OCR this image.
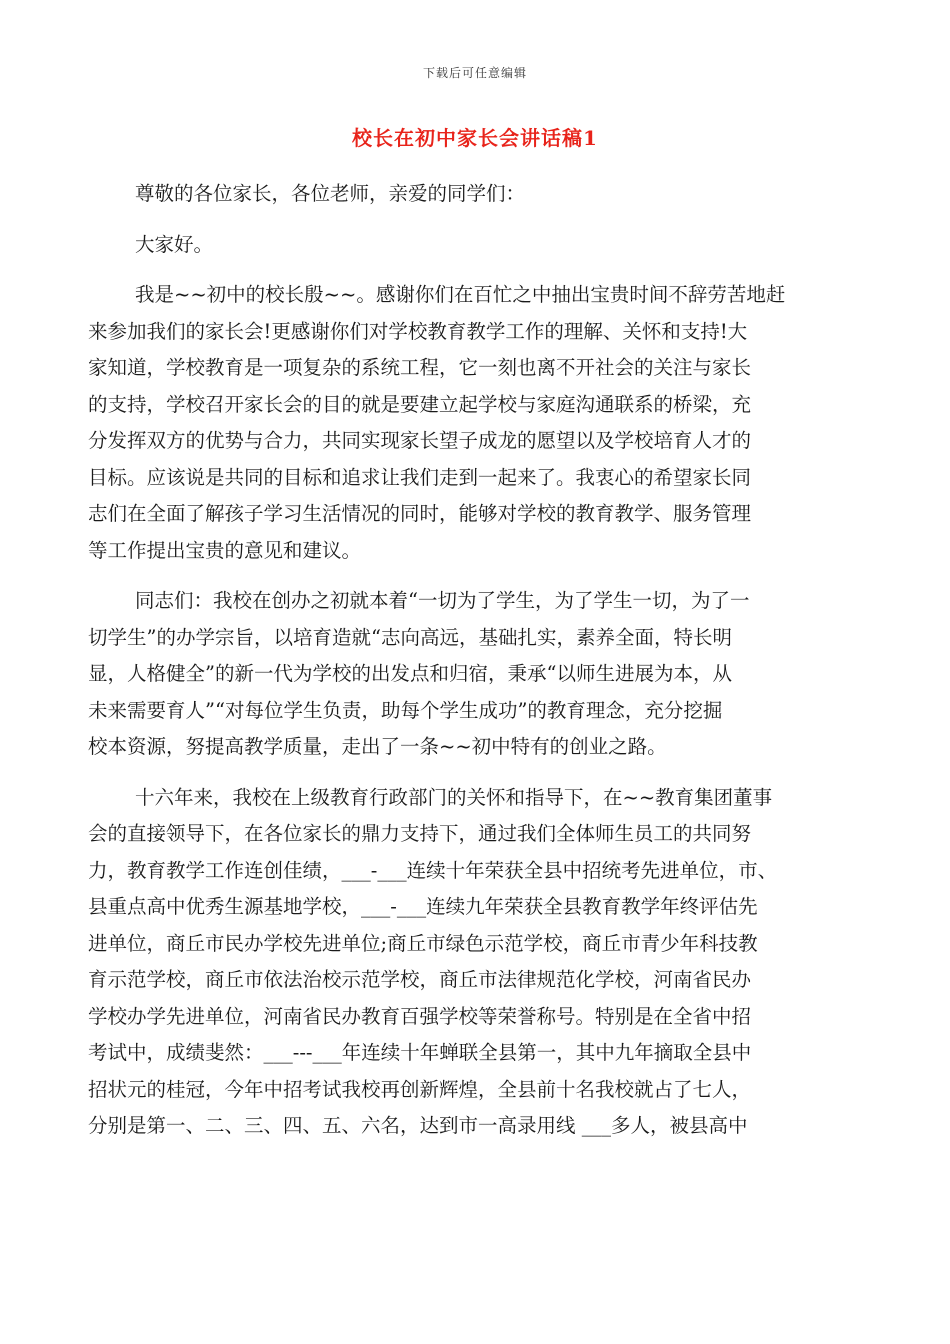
下载后可任意编辑
校长在初中家长会讲话稿1
尊敬的各位家长，各位老师，亲爱的同学们：
大家好。
我是~~初中的校长殷~~。感谢你们在百忙之中抽出宝贵时间不辞劳苦地赶
来参加我们的家长会!更感谢你们对学校教育教学工作的理解、关怀和支持!大
家知道，学校教育是一项复杂的系统工程，它一刻也离不开社会的关注与家长
的支持，学校召开家长会的目的就是要建立起学校与家庭沟通联系的桥梁，充
分发挥双方的优势与合力，共同实现家长望子成龙的愿望以及学校培育人才的
目标。应该说是共同的目标和追求让我们走到一起来了。我衷心的希望家长同
志们在全面了解孩子学习生活情况的同时，能够对学校的教育教学、服务管理
等工作提出宝贵的意见和建议。
同志们：我校在创办之初就本着“一切为了学生，为了学生一切，为了一
切学生”的办学宗旨，以培育造就“志向高远，基础扎实，素养全面，特长明
显，人格健全”的新一代为学校的出发点和归宿，秉承“以师生进展为本，从
未来需要育人”“对每位学生负责，助每个学生成功”的教育理念，充分挖掘
校本资源，努提高教学质量，走出了一条~~初中特有的创业之路。
十六年来，我校在上级教育行政部门的关怀和指导下，在~~教育集团董事
会的直接领导下，在各位家长的鼎力支持下，通过我们全体师生员工的共同努
力，教育教学工作连创佳绩，___-___连续十年荣获全县中招统考先进单位，市、
县重点高中优秀生源基地学校，___-___连续九年荣获全县教育教学年终评估先
进单位，商丘市民办学校先进单位;商丘市绿色示范学校，商丘市青少年科技教
育示范学校，商丘市依法治校示范学校，商丘市法律规范化学校，河南省民办
学校办学先进单位，河南省民办教育百强学校等荣誉称号。特别是在全省中招
考试中，成绩斐然：___---___年连续十年蝉联全县第一，其中九年摘取全县中
招状元的桂冠，今年中招考试我校再创新辉煌，全县前十名我校就占了七人，
分别是第一、二、三、四、五、六名，达到市一高录用线 ___多人，被县高中
